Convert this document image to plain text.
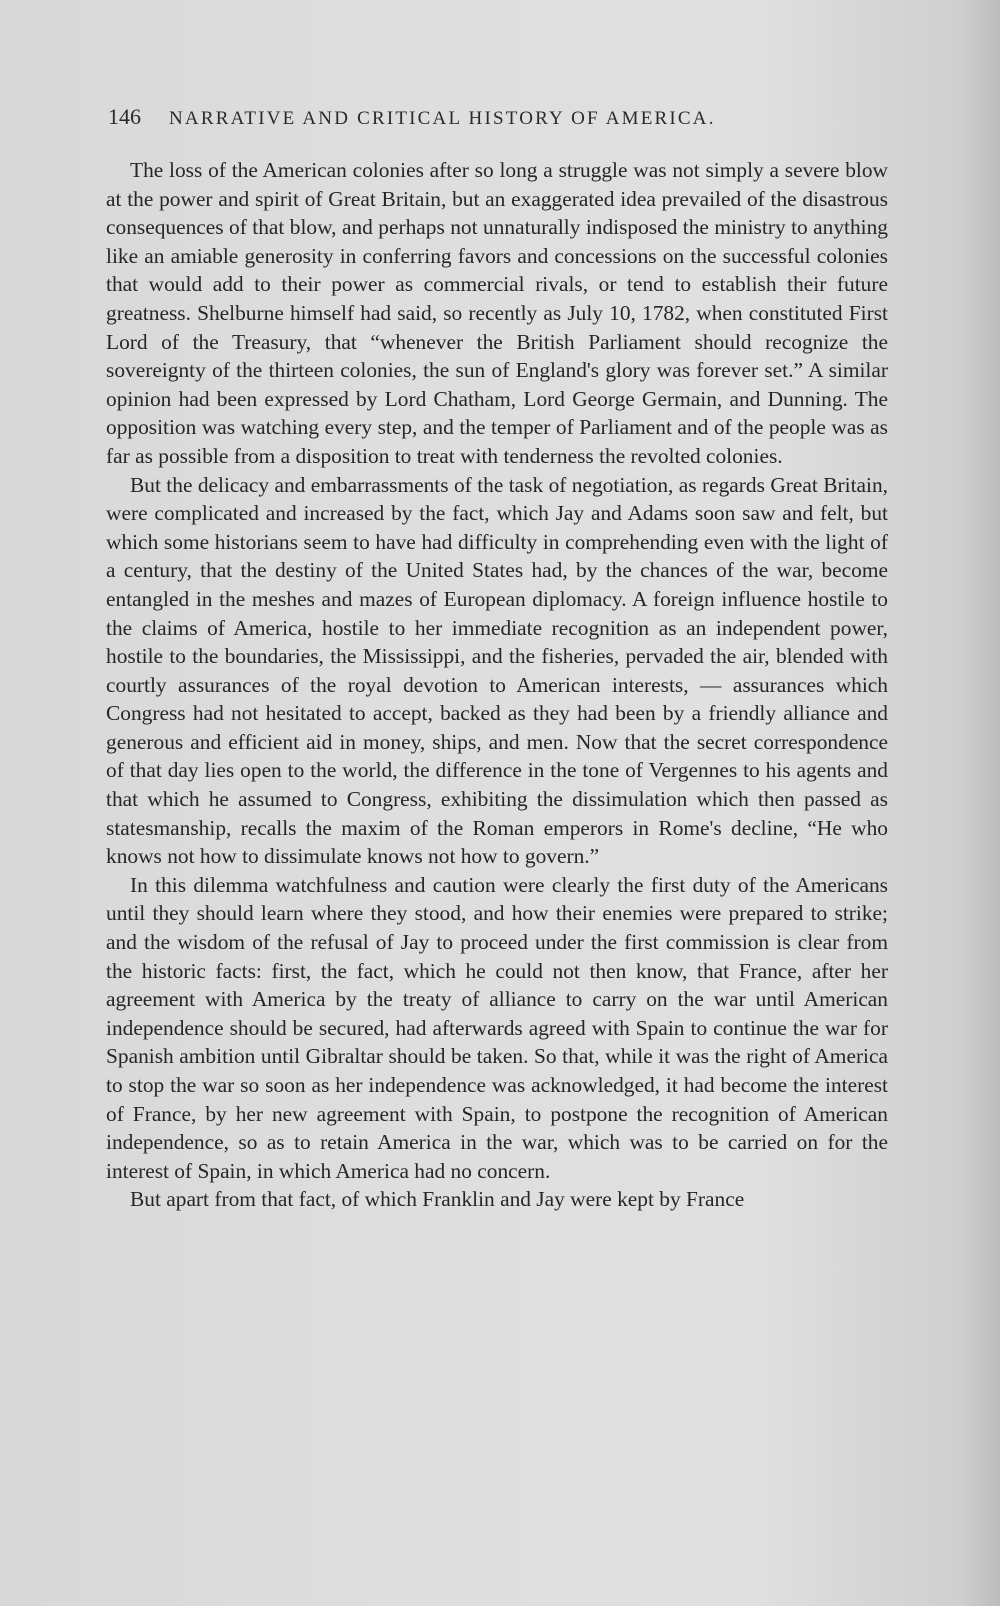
146 NARRATIVE AND CRITICAL HISTORY OF AMERICA.

The loss of the American colonies after so long a struggle was not simply a severe blow at the power and spirit of Great Britain, but an exaggerated idea prevailed of the disastrous consequences of that blow, and perhaps not unnaturally indisposed the ministry to anything like an amiable generosity in conferring favors and concessions on the successful colonies that would add to their power as commercial rivals, or tend to establish their future greatness. Shelburne himself had said, so recently as July 10, 1782, when constituted First Lord of the Treasury, that “whenever the British Parliament should recognize the sovereignty of the thirteen colonies, the sun of England's glory was forever set.” A similar opinion had been expressed by Lord Chatham, Lord George Germain, and Dunning. The opposition was watching every step, and the temper of Parliament and of the people was as far as possible from a disposition to treat with tenderness the revolted colonies.

But the delicacy and embarrassments of the task of negotiation, as regards Great Britain, were complicated and increased by the fact, which Jay and Adams soon saw and felt, but which some historians seem to have had difficulty in comprehending even with the light of a century, that the destiny of the United States had, by the chances of the war, become entangled in the meshes and mazes of European diplomacy. A foreign influence hostile to the claims of America, hostile to her immediate recognition as an independent power, hostile to the boundaries, the Mississippi, and the fisheries, pervaded the air, blended with courtly assurances of the royal devotion to American interests, — assurances which Congress had not hesitated to accept, backed as they had been by a friendly alliance and generous and efficient aid in money, ships, and men. Now that the secret correspondence of that day lies open to the world, the difference in the tone of Vergennes to his agents and that which he assumed to Congress, exhibiting the dissimulation which then passed as statesmanship, recalls the maxim of the Roman emperors in Rome's decline, “He who knows not how to dissimulate knows not how to govern.”

In this dilemma watchfulness and caution were clearly the first duty of the Americans until they should learn where they stood, and how their enemies were prepared to strike; and the wisdom of the refusal of Jay to proceed under the first commission is clear from the historic facts: first, the fact, which he could not then know, that France, after her agreement with America by the treaty of alliance to carry on the war until American independence should be secured, had afterwards agreed with Spain to continue the war for Spanish ambition until Gibraltar should be taken. So that, while it was the right of America to stop the war so soon as her independence was acknowledged, it had become the interest of France, by her new agreement with Spain, to postpone the recognition of American independence, so as to retain America in the war, which was to be carried on for the interest of Spain, in which America had no concern.

But apart from that fact, of which Franklin and Jay were kept by France
